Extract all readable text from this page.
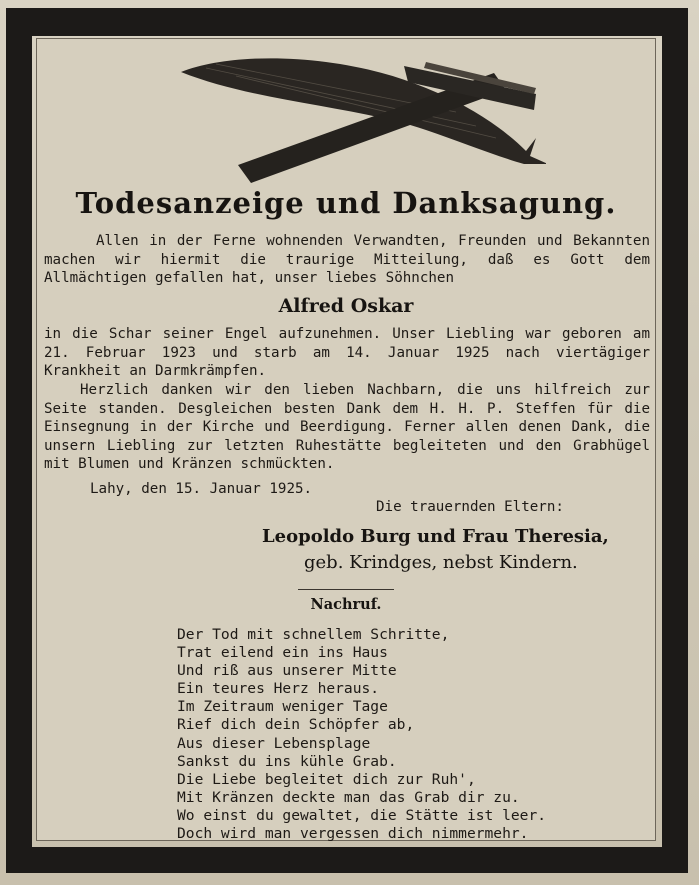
Todesanzeige und Danksagung.
Allen in der Ferne wohnenden Verwandten, Freunden und Bekannten machen wir hiermit die traurige Mitteilung, daß es Gott dem Allmächtigen gefallen hat, unser liebes Söhnchen
Alfred Oskar
in die Schar seiner Engel aufzunehmen. Unser Liebling war geboren am 21. Februar 1923 und starb am 14. Januar 1925 nach viertägiger Krankheit an Darmkrämpfen.
Herzlich danken wir den lieben Nachbarn, die uns hilfreich zur Seite standen. Desgleichen besten Dank dem H. H. P. Steffen für die Einsegnung in der Kirche und Beerdigung. Ferner allen denen Dank, die unsern Liebling zur letzten Ruhestätte begleiteten und den Grabhügel mit Blumen und Kränzen schmückten.
Lahy, den 15. Januar 1925.
Die trauernden Eltern:
Leopoldo Burg und Frau Theresia,
geb. Krindges, nebst Kindern.
Nachruf.
Der Tod mit schnellem Schritte,
Trat eilend ein ins Haus
Und riß aus unserer Mitte
Ein teures Herz heraus.
Im Zeitraum weniger Tage
Rief dich dein Schöpfer ab,
Aus dieser Lebensplage
Sankst du ins kühle Grab.
Die Liebe begleitet dich zur Ruh',
Mit Kränzen deckte man das Grab dir zu.
Wo einst du gewaltet, die Stätte ist leer.
Doch wird man vergessen dich nimmermehr.
